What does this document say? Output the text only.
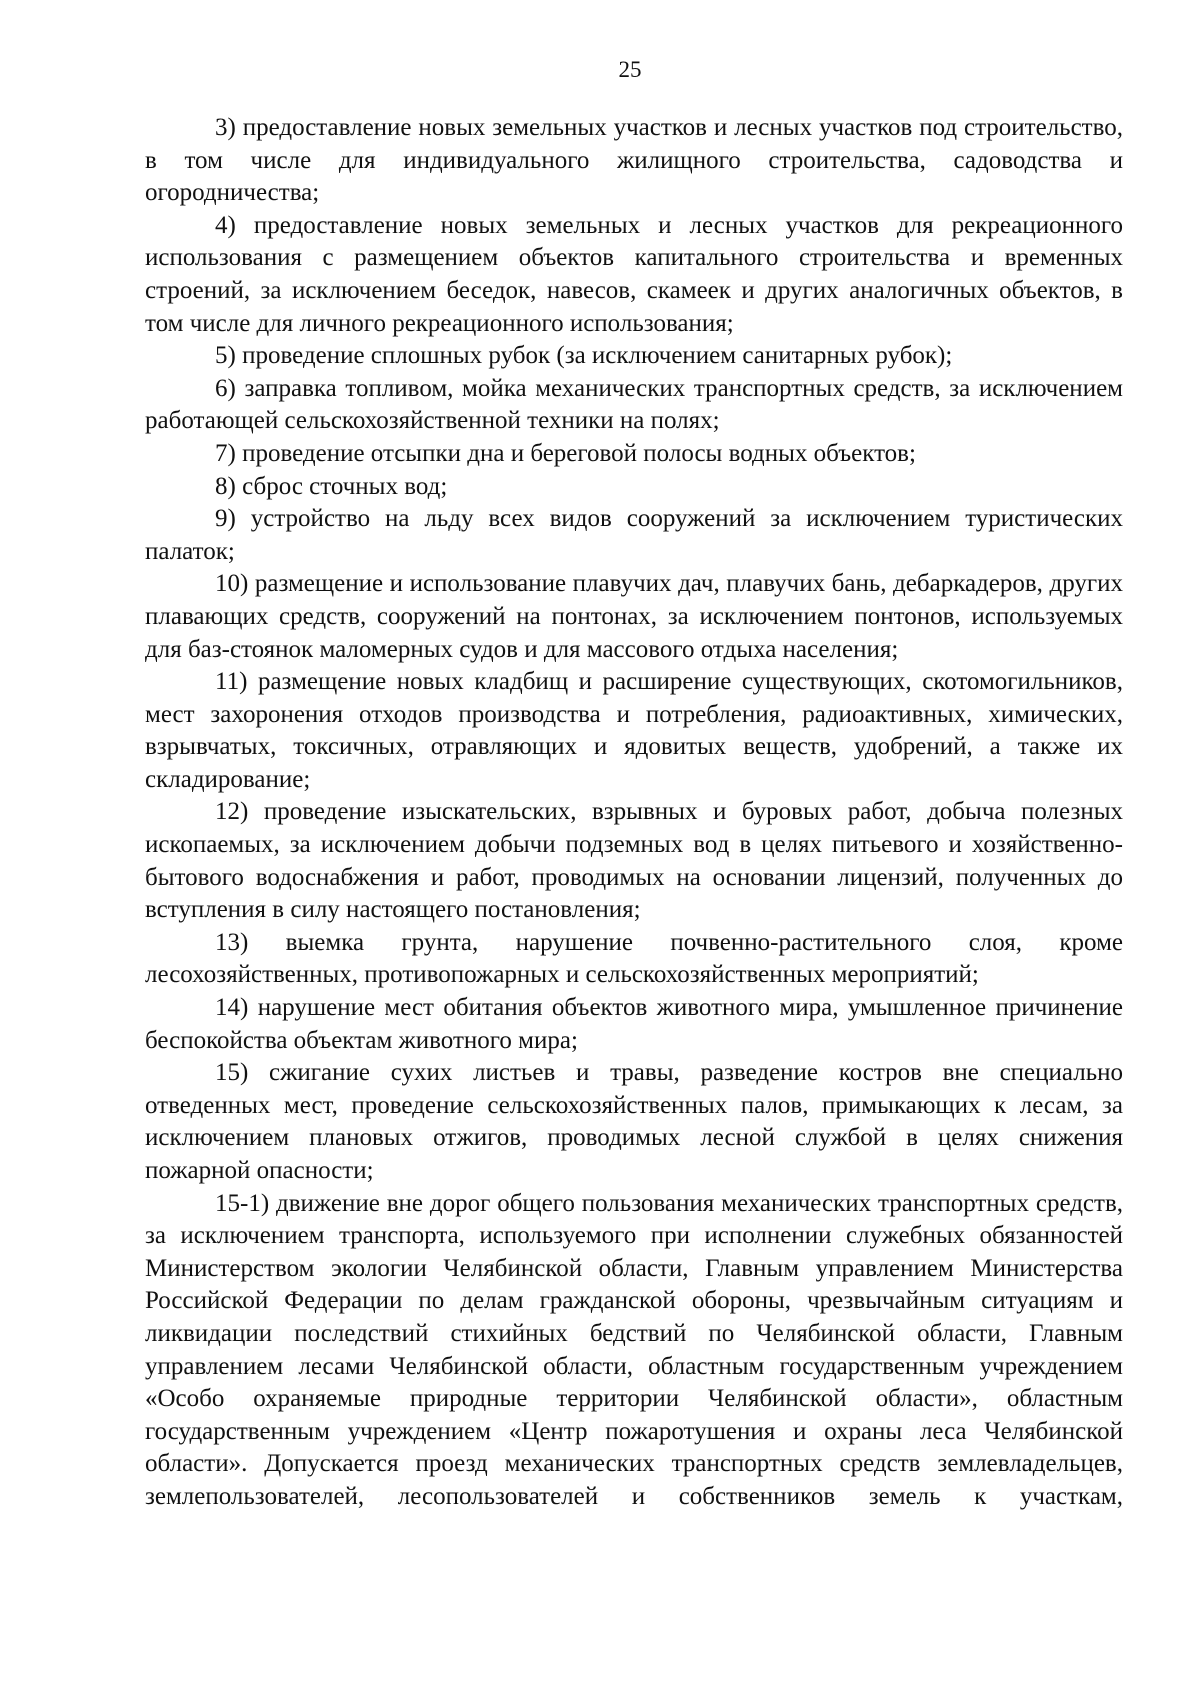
25

3) предоставление новых земельных участков и лесных участков под строительство, в том числе для индивидуального жилищного строительства, садоводства и огородничества;

4) предоставление новых земельных и лесных участков для рекреационного использования с размещением объектов капитального строительства и временных строений, за исключением беседок, навесов, скамеек и других аналогичных объектов, в том числе для личного рекреационного использования;

5) проведение сплошных рубок (за исключением санитарных рубок);

6) заправка топливом, мойка механических транспортных средств, за исключением работающей сельскохозяйственной техники на полях;

7) проведение отсыпки дна и береговой полосы водных объектов;

8) сброс сточных вод;

9) устройство на льду всех видов сооружений за исключением туристических палаток;

10) размещение и использование плавучих дач, плавучих бань, дебаркадеров, других плавающих средств, сооружений на понтонах, за исключением понтонов, используемых для баз-стоянок маломерных судов и для массового отдыха населения;

11) размещение новых кладбищ и расширение существующих, скотомогильников, мест захоронения отходов производства и потребления, радиоактивных, химических, взрывчатых, токсичных, отравляющих и ядовитых веществ, удобрений, а также их складирование;

12) проведение изыскательских, взрывных и буровых работ, добыча полезных ископаемых, за исключением добычи подземных вод в целях питьевого и хозяйственно-бытового водоснабжения и работ, проводимых на основании лицензий, полученных до вступления в силу настоящего постановления;

13) выемка грунта, нарушение почвенно-растительного слоя, кроме лесохозяйственных, противопожарных и сельскохозяйственных мероприятий;

14) нарушение мест обитания объектов животного мира, умышленное причинение беспокойства объектам животного мира;

15) сжигание сухих листьев и травы, разведение костров вне специально отведенных мест, проведение сельскохозяйственных палов, примыкающих к лесам, за исключением плановых отжигов, проводимых лесной службой в целях снижения пожарной опасности;

15-1) движение вне дорог общего пользования механических транспортных средств, за исключением транспорта, используемого при исполнении служебных обязанностей Министерством экологии Челябинской области, Главным управлением Министерства Российской Федерации по делам гражданской обороны, чрезвычайным ситуациям и ликвидации последствий стихийных бедствий по Челябинской области, Главным управлением лесами Челябинской области, областным государственным учреждением «Особо охраняемые природные территории Челябинской области», областным государственным учреждением «Центр пожаротушения и охраны леса Челябинской области». Допускается проезд механических транспортных средств землевладельцев, землепользователей, лесопользователей и собственников земель к участкам,
